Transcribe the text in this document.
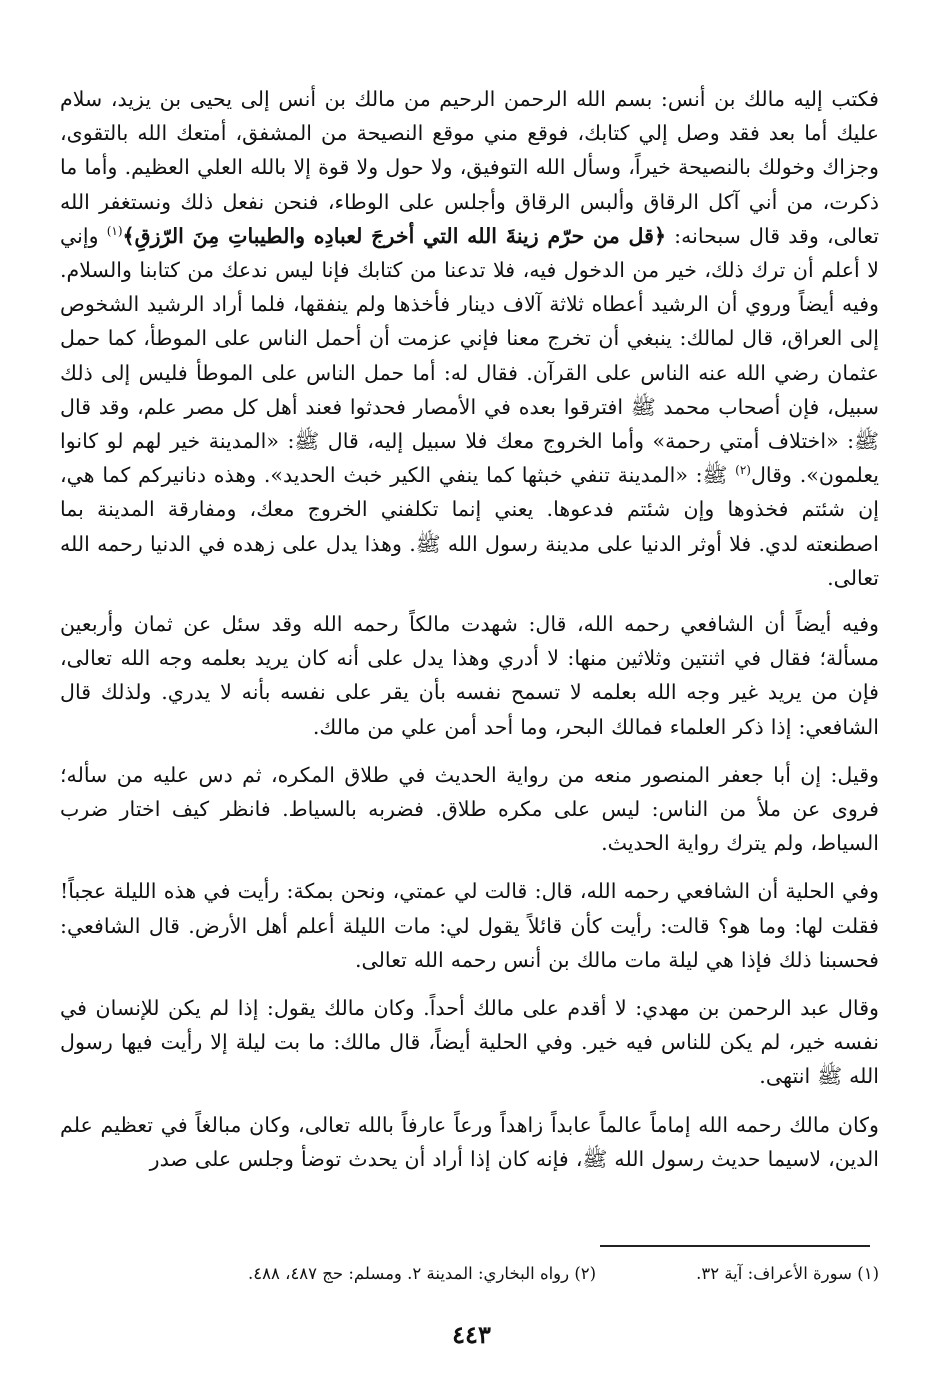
فكتب إليه مالك بن أنس: بسم الله الرحمن الرحيم من مالك بن أنس إلى يحيى بن يزيد، سلام عليك أما بعد فقد وصل إلي كتابك، فوقع مني موقع النصيحة من المشفق، أمتعك الله بالتقوى، وجزاك وخولك بالنصيحة خيراً، وسأل الله التوفيق، ولا حول ولا قوة إلا بالله العلي العظيم. وأما ما ذكرت، من أني آكل الرقاق وألبس الرقاق وأجلس على الوطاء، فنحن نفعل ذلك ونستغفر الله تعالى، وقد قال سبحانه: ﴿قل من حرّم زينةَ الله التي أخرجَ لعبادِه والطيباتِ مِنَ الرّزقِ﴾$^{(١)}$ وإني لا أعلم أن ترك ذلك، خير من الدخول فيه، فلا تدعنا من كتابك فإنا ليس ندعك من كتابنا والسلام. وفيه أيضاً وروي أن الرشيد أعطاه ثلاثة آلاف دينار فأخذها ولم ينفقها، فلما أراد الرشيد الشخوص إلى العراق، قال لمالك: ينبغي أن تخرج معنا فإني عزمت أن أحمل الناس على الموطأ، كما حمل عثمان رضي الله عنه الناس على القرآن. فقال له: أما حمل الناس على الموطأ فليس إلى ذلك سبيل، فإن أصحاب محمد ﷺ افترقوا بعده في الأمصار فحدثوا فعند أهل كل مصر علم، وقد قال ﷺ: «اختلاف أمتي رحمة» وأما الخروج معك فلا سبيل إليه، قال ﷺ: «المدينة خير لهم لو كانوا يعلمون». وقال$^{(٢)}$ ﷺ: «المدينة تنفي خبثها كما ينفي الكير خبث الحديد». وهذه دنانيركم كما هي، إن شئتم فخذوها وإن شئتم فدعوها. يعني إنما تكلفني الخروج معك، ومفارقة المدينة بما اصطنعته لدي. فلا أوثر الدنيا على مدينة رسول الله ﷺ. وهذا يدل على زهده في الدنيا رحمه الله تعالى.

وفيه أيضاً أن الشافعي رحمه الله، قال: شهدت مالكاً رحمه الله وقد سئل عن ثمان وأربعين مسألة؛ فقال في اثنتين وثلاثين منها: لا أدري وهذا يدل على أنه كان يريد بعلمه وجه الله تعالى، فإن من يريد غير وجه الله بعلمه لا تسمح نفسه بأن يقر على نفسه بأنه لا يدري. ولذلك قال الشافعي: إذا ذكر العلماء فمالك البحر، وما أحد أمن علي من مالك.

وقيل: إن أبا جعفر المنصور منعه من رواية الحديث في طلاق المكره، ثم دس عليه من سأله؛ فروى عن ملأ من الناس: ليس على مكره طلاق. فضربه بالسياط. فانظر كيف اختار ضرب السياط، ولم يترك رواية الحديث.

وفي الحلية أن الشافعي رحمه الله، قال: قالت لي عمتي، ونحن بمكة: رأيت في هذه الليلة عجباً! فقلت لها: وما هو؟ قالت: رأيت كأن قائلاً يقول لي: مات الليلة أعلم أهل الأرض. قال الشافعي: فحسبنا ذلك فإذا هي ليلة مات مالك بن أنس رحمه الله تعالى.

وقال عبد الرحمن بن مهدي: لا أقدم على مالك أحداً. وكان مالك يقول: إذا لم يكن للإنسان في نفسه خير، لم يكن للناس فيه خير. وفي الحلية أيضاً، قال مالك: ما بت ليلة إلا رأيت فيها رسول الله ﷺ انتهى.

وكان مالك رحمه الله إماماً عالماً عابداً زاهداً ورعاً عارفاً بالله تعالى، وكان مبالغاً في تعظيم علم الدين، لاسيما حديث رسول الله ﷺ، فإنه كان إذا أراد أن يحدث توضأ وجلس على صدر

(١) سورة الأعراف: آية ٣٢.
(٢) رواه البخاري: المدينة ٢. ومسلم: حج ٤٨٧، ٤٨٨.
٤٤٣
